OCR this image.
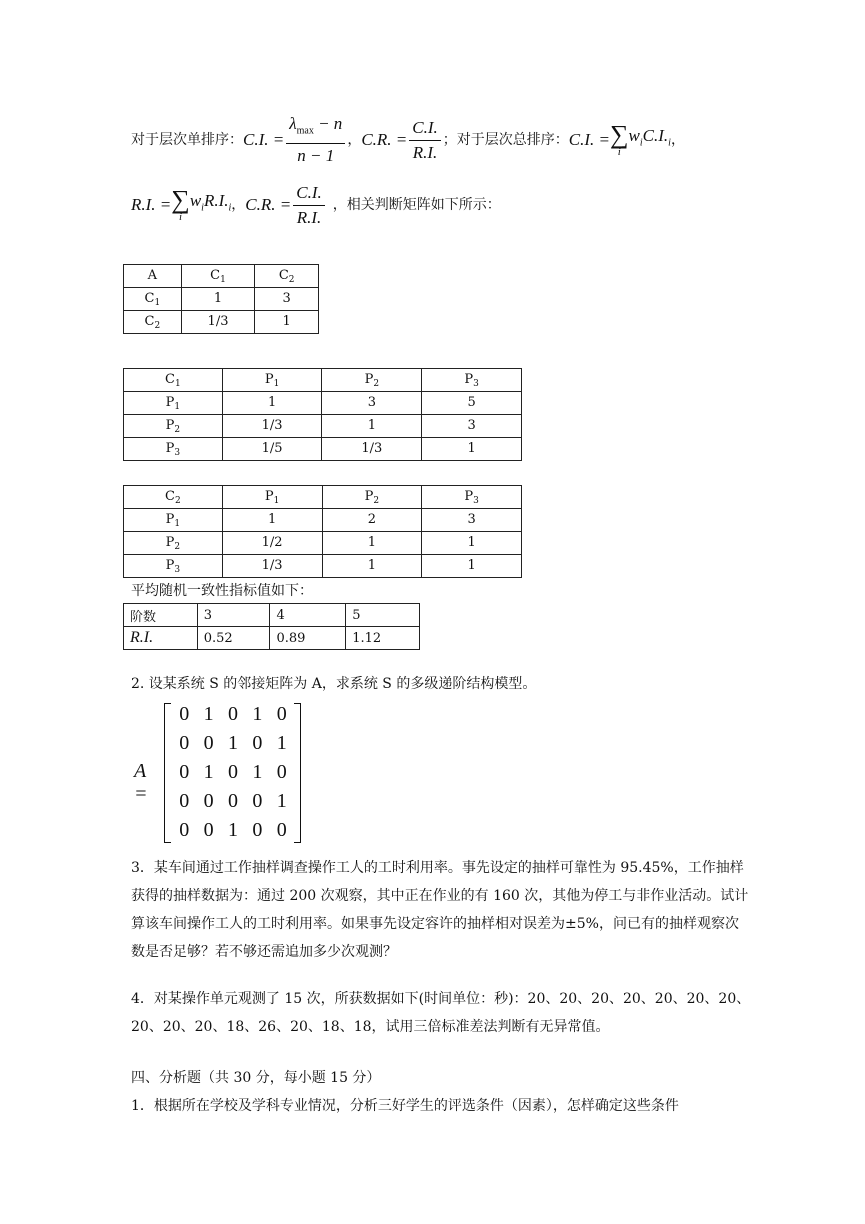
对于层次单排序： C.I. = $\frac{\lambda_{max} - n}{n - 1}$ ， C.R. = $\frac{C.I.}{R.I.}$ ；对于层次总排序： C.I. = ∑
i
$w_iC.I._i$ ，
R.I. = ∑
i
$w_iR.I._i$ ， C.R. = $\frac{C.I.}{R.I.}$ ，相关判断矩阵如下所示：
A	$C_1$	$C_2$
$C_1$	1	3
$C_2$	1/3	1
$C_1$	$P_1$	$P_2$	$P_3$
$P_1$	1	3	5
$P_2$	1/3	1	3
$P_3$	1/5	1/3	1
$C_2$	$P_1$	$P_2$	$P_3$
$P_1$	1	2	3
$P_2$	1/2	1	1
$P_3$	1/3	1	1
平均随机一致性指标值如下：
阶数	3	4	5
R.I.	0.52	0.89	1.12
2. 设某系统 S 的邻接矩阵为 A，求系统 S 的多级递阶结构模型。
A =
0 1 0 1 0
0 0 1 0 1
0 1 0 1 0
0 0 0 0 1
0 0 1 0 0
3．某车间通过工作抽样调查操作工人的工时利用率。事先设定的抽样可靠性为 95.45%，工作抽样获得的抽样数据为：通过 200 次观察，其中正在作业的有 160 次，其他为停工与非作业活动。试计算该车间操作工人的工时利用率。如果事先设定容许的抽样相对误差为±5%，问已有的抽样观察次数是否足够？若不够还需追加多少次观测？
4．对某操作单元观测了 15 次，所获数据如下(时间单位：秒)：20、20、20、20、20、20、20、20、20、20、18、26、20、18、18，试用三倍标准差法判断有无异常值。
四、分析题（共 30 分，每小题 15 分）
1．根据所在学校及学科专业情况，分析三好学生的评选条件（因素），怎样确定这些条件
